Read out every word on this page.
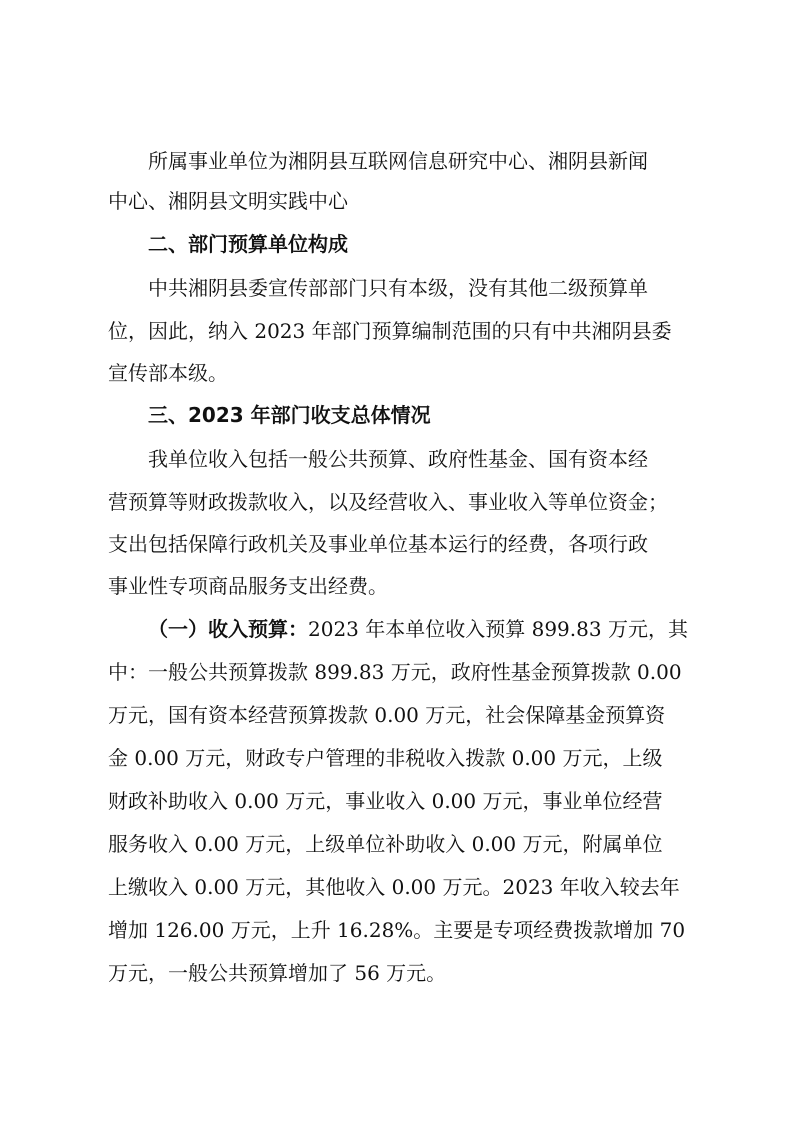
所属事业单位为湘阴县互联网信息研究中心、湘阴县新闻
中心、湘阴县文明实践中心
二、部门预算单位构成
中共湘阴县委宣传部部门只有本级，没有其他二级预算单
位，因此，纳入 2023 年部门预算编制范围的只有中共湘阴县委
宣传部本级。
三、2023 年部门收支总体情况
我单位收入包括一般公共预算、政府性基金、国有资本经
营预算等财政拨款收入，以及经营收入、事业收入等单位资金；
支出包括保障行政机关及事业单位基本运行的经费，各项行政
事业性专项商品服务支出经费。
（一）收入预算：2023 年本单位收入预算 899.83 万元，其
中：一般公共预算拨款 899.83 万元，政府性基金预算拨款 0.00
万元，国有资本经营预算拨款 0.00 万元，社会保障基金预算资
金 0.00 万元，财政专户管理的非税收入拨款 0.00 万元，上级
财政补助收入 0.00 万元，事业收入 0.00 万元，事业单位经营
服务收入 0.00 万元，上级单位补助收入 0.00 万元，附属单位
上缴收入 0.00 万元，其他收入 0.00 万元。2023 年收入较去年
增加 126.00 万元，上升 16.28%。主要是专项经费拨款增加 70
万元，一般公共预算增加了 56 万元。
